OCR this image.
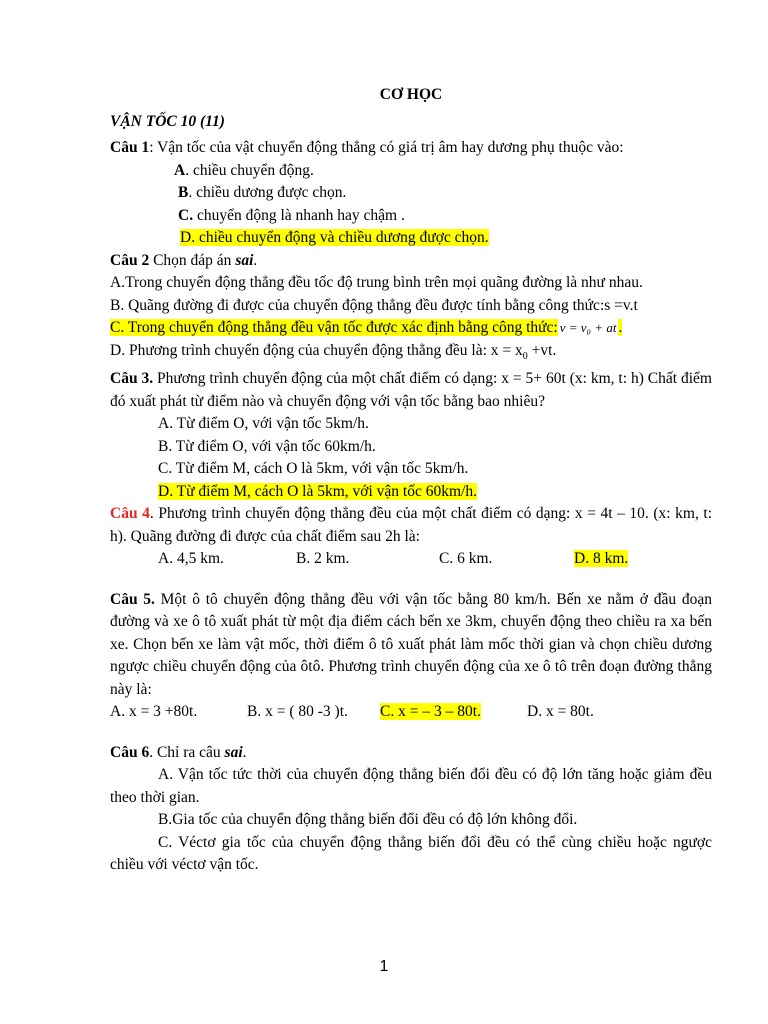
CƠ HỌC
VẬN TỐC 10 (11)
Câu 1: Vận tốc của vật chuyển động thẳng có giá trị âm hay dương phụ thuộc vào:
A. chiều chuyển động.
B. chiều dương được chọn.
C. chuyển động là nhanh hay chậm .
D. chiều chuyển động và chiều dương được chọn.
Câu 2 Chọn đáp án sai.
A.Trong chuyển động thẳng đều tốc độ trung bình trên mọi quãng đường là như nhau.
B. Quãng đường đi được của chuyển động thẳng đều được tính bằng công thức:s =v.t
C. Trong chuyển động thẳng đều vận tốc được xác định bằng công thức: v = v₀ + at .
D. Phương trình chuyển động của chuyển động thẳng đều là: $x = x_0 +vt$.
Câu 3. Phương trình chuyển động của một chất điểm có dạng: x = 5+ 60t (x: km, t: h) Chất điểm đó xuất phát từ điểm nào và chuyển động với vận tốc bằng bao nhiêu?
A. Từ điểm O, với vận tốc 5km/h.
B. Từ điểm O, với vận tốc 60km/h.
C. Từ điểm M, cách O là 5km, với vận tốc 5km/h.
D. Từ điểm M, cách O là 5km, với vận tốc 60km/h.
Câu 4. Phương trình chuyển động thẳng đều của một chất điểm có dạng: x = 4t – 10. (x: km, t: h). Quãng đường đi được của chất điểm sau 2h là:
A. 4,5 km.	B. 2 km.	C. 6 km.	D. 8 km.
Câu 5. Một ô tô chuyển động thẳng đều với vận tốc bằng 80 km/h. Bến xe nằm ở đầu đoạn đường và xe ô tô xuất phát từ một địa điểm cách bến xe 3km, chuyển động theo chiều ra xa bến xe. Chọn bến xe làm vật mốc, thời điểm ô tô xuất phát làm mốc thời gian và chọn chiều dương ngược chiều chuyển động của ôtô. Phương trình chuyển động của xe ô tô trên đoạn đường thẳng này là:
A. x = 3 +80t.	B. x = ( 80 -3 )t.	C. x = – 3 – 80t.	D. x = 80t.
Câu 6. Chỉ ra câu sai.
A. Vận tốc tức thời của chuyển động thẳng biến đổi đều có độ lớn tăng hoặc giảm đều theo thời gian.
B.Gia tốc của chuyển động thẳng biến đổi đều có độ lớn không đổi.
C. Véctơ gia tốc của chuyển động thẳng biến đổi đều có thể cùng chiều hoặc ngược chiều với véctơ vận tốc.
1
